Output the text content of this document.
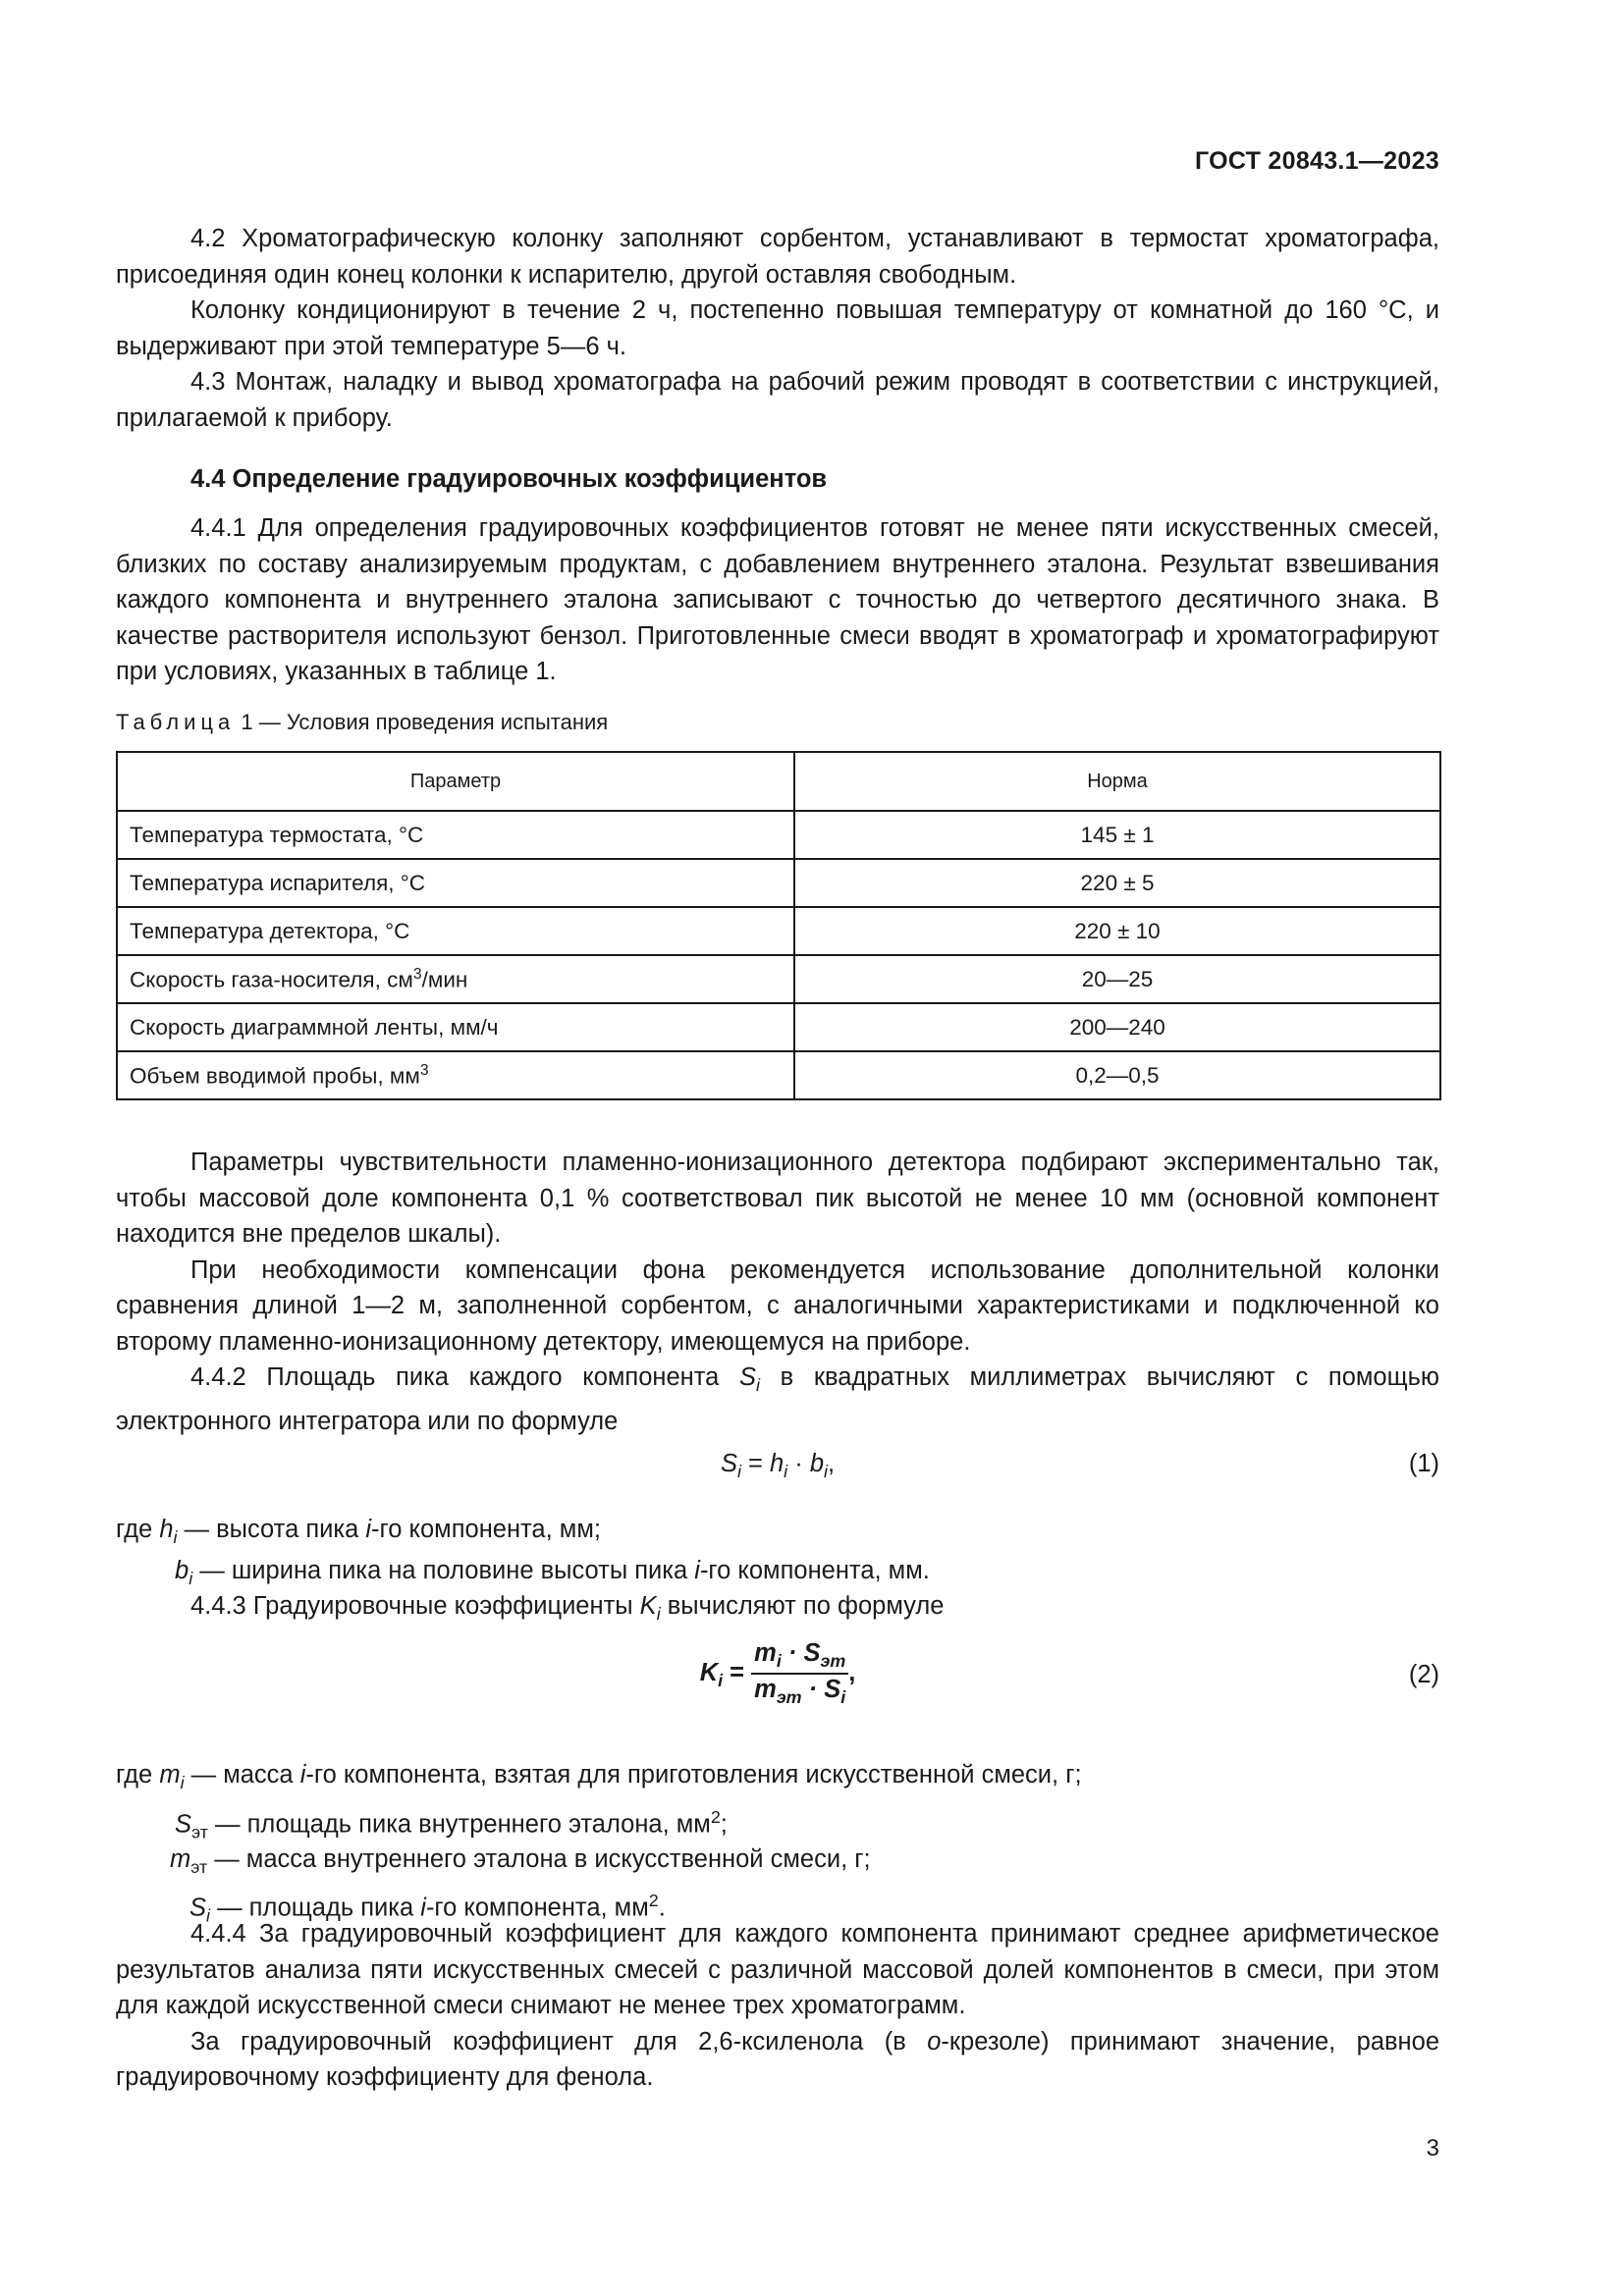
ГОСТ 20843.1—2023

4.2 Хроматографическую колонку заполняют сорбентом, устанавливают в термостат хроматографа, присоединяя один конец колонки к испарителю, другой оставляя свободным.

Колонку кондиционируют в течение 2 ч, постепенно повышая температуру от комнатной до 160 °С, и выдерживают при этой температуре 5—6 ч.

4.3 Монтаж, наладку и вывод хроматографа на рабочий режим проводят в соответствии с инструкцией, прилагаемой к прибору.

4.4 Определение градуировочных коэффициентов

4.4.1 Для определения градуировочных коэффициентов готовят не менее пяти искусственных смесей, близких по составу анализируемым продуктам, с добавлением внутреннего эталона. Результат взвешивания каждого компонента и внутреннего эталона записывают с точностью до четвертого десятичного знака. В качестве растворителя используют бензол. Приготовленные смеси вводят в хроматограф и хроматографируют при условиях, указанных в таблице 1.

Таблица 1 — Условия проведения испытания
Параметр	Норма
Температура термостата, °С	145 ± 1
Температура испарителя, °С	220 ± 5
Температура детектора, °С	220 ± 10
Скорость газа-носителя, $см^3$/мин	20—25
Скорость диаграммной ленты, мм/ч	200—240
Объем вводимой пробы, $мм^3$	0,2—0,5

Параметры чувствительности пламенно-ионизационного детектора подбирают экспериментально так, чтобы массовой доле компонента 0,1 % соответствовал пик высотой не менее 10 мм (основной компонент находится вне пределов шкалы).

При необходимости компенсации фона рекомендуется использование дополнительной колонки сравнения длиной 1—2 м, заполненной сорбентом, с аналогичными характеристиками и подключенной ко второму пламенно-ионизационному детектору, имеющемуся на приборе.

4.4.2 Площадь пика каждого компонента $S_i$ в квадратных миллиметрах вычисляют с помощью электронного интегратора или по формуле

$S_i = h_i \cdot b_i$,	(1)
где $h_i$ — высота пика i-го компонента, мм;
$b_i$ — ширина пика на половине высоты пика i-го компонента, мм.

4.4.3 Градуировочные коэффициенты $K_i$ вычисляют по формуле

$K_i = \frac{m_i \cdot S_{эт}}{m_{эт} \cdot S_i}$ ,	(2)
где $m_i$ — масса i-го компонента, взятая для приготовления искусственной смеси, г;
$S_{эт}$ — площадь пика внутреннего эталона, $мм^2$;
$m_{эт}$ — масса внутреннего эталона в искусственной смеси, г;
$S_i$ — площадь пика i-го компонента, $мм^2$.

4.4.4 За градуировочный коэффициент для каждого компонента принимают среднее арифметическое результатов анализа пяти искусственных смесей с различной массовой долей компонентов в смеси, при этом для каждой искусственной смеси снимают не менее трех хроматограмм.

За градуировочный коэффициент для 2,6-ксиленола (в о-крезоле) принимают значение, равное градуировочному коэффициенту для фенола.

3
